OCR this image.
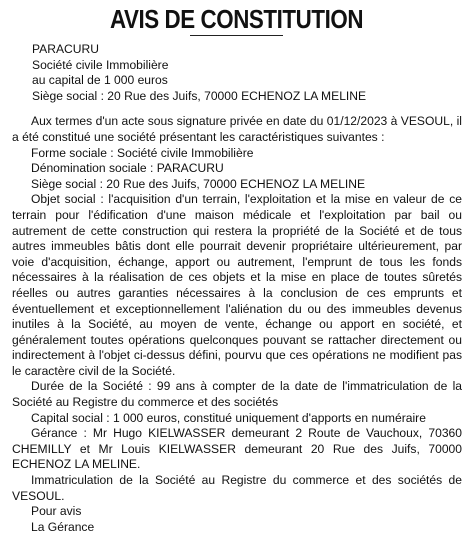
AVIS DE CONSTITUTION

PARACURU

Société civile Immobilière

au capital de 1 000 euros

Siège social : 20 Rue des Juifs, 70000 ECHENOZ LA MELINE

Aux termes d'un acte sous signature privée en date du 01/12/2023 à VESOUL, il a été constitué une société présentant les caractéristiques suivantes :

Forme sociale : Société civile Immobilière

Dénomination sociale : PARACURU

Siège social : 20 Rue des Juifs, 70000 ECHENOZ LA MELINE

Objet social : l'acquisition d'un terrain, l'exploitation et la mise en valeur de ce terrain pour l'édification d'une maison médicale et l'exploitation par bail ou autrement de cette construction qui restera la propriété de la Société et de tous autres immeubles bâtis dont elle pourrait devenir propriétaire ultérieurement, par voie d'acquisition, échange, apport ou autrement, l'emprunt de tous les fonds nécessaires à la réalisation de ces objets et la mise en place de toutes sûretés réelles ou autres garanties nécessaires à la conclusion de ces emprunts et éventuellement et exceptionnellement l'aliénation du ou des immeubles devenus inutiles à la Société, au moyen de vente, échange ou apport en société, et généralement toutes opérations quelconques pouvant se rattacher directement ou indirectement à l'objet ci-dessus défini, pourvu que ces opérations ne modifient pas le caractère civil de la Société.

Durée de la Société : 99 ans à compter de la date de l'immatriculation de la Société au Registre du commerce et des sociétés

Capital social : 1 000 euros, constitué uniquement d'apports en numéraire

Gérance : Mr Hugo KIELWASSER demeurant 2 Route de Vauchoux, 70360 CHEMILLY et Mr Louis KIELWASSER demeurant 20 Rue des Juifs, 70000 ECHENOZ LA MELINE.

Immatriculation de la Société au Registre du commerce et des sociétés de VESOUL.

Pour avis

La Gérance
